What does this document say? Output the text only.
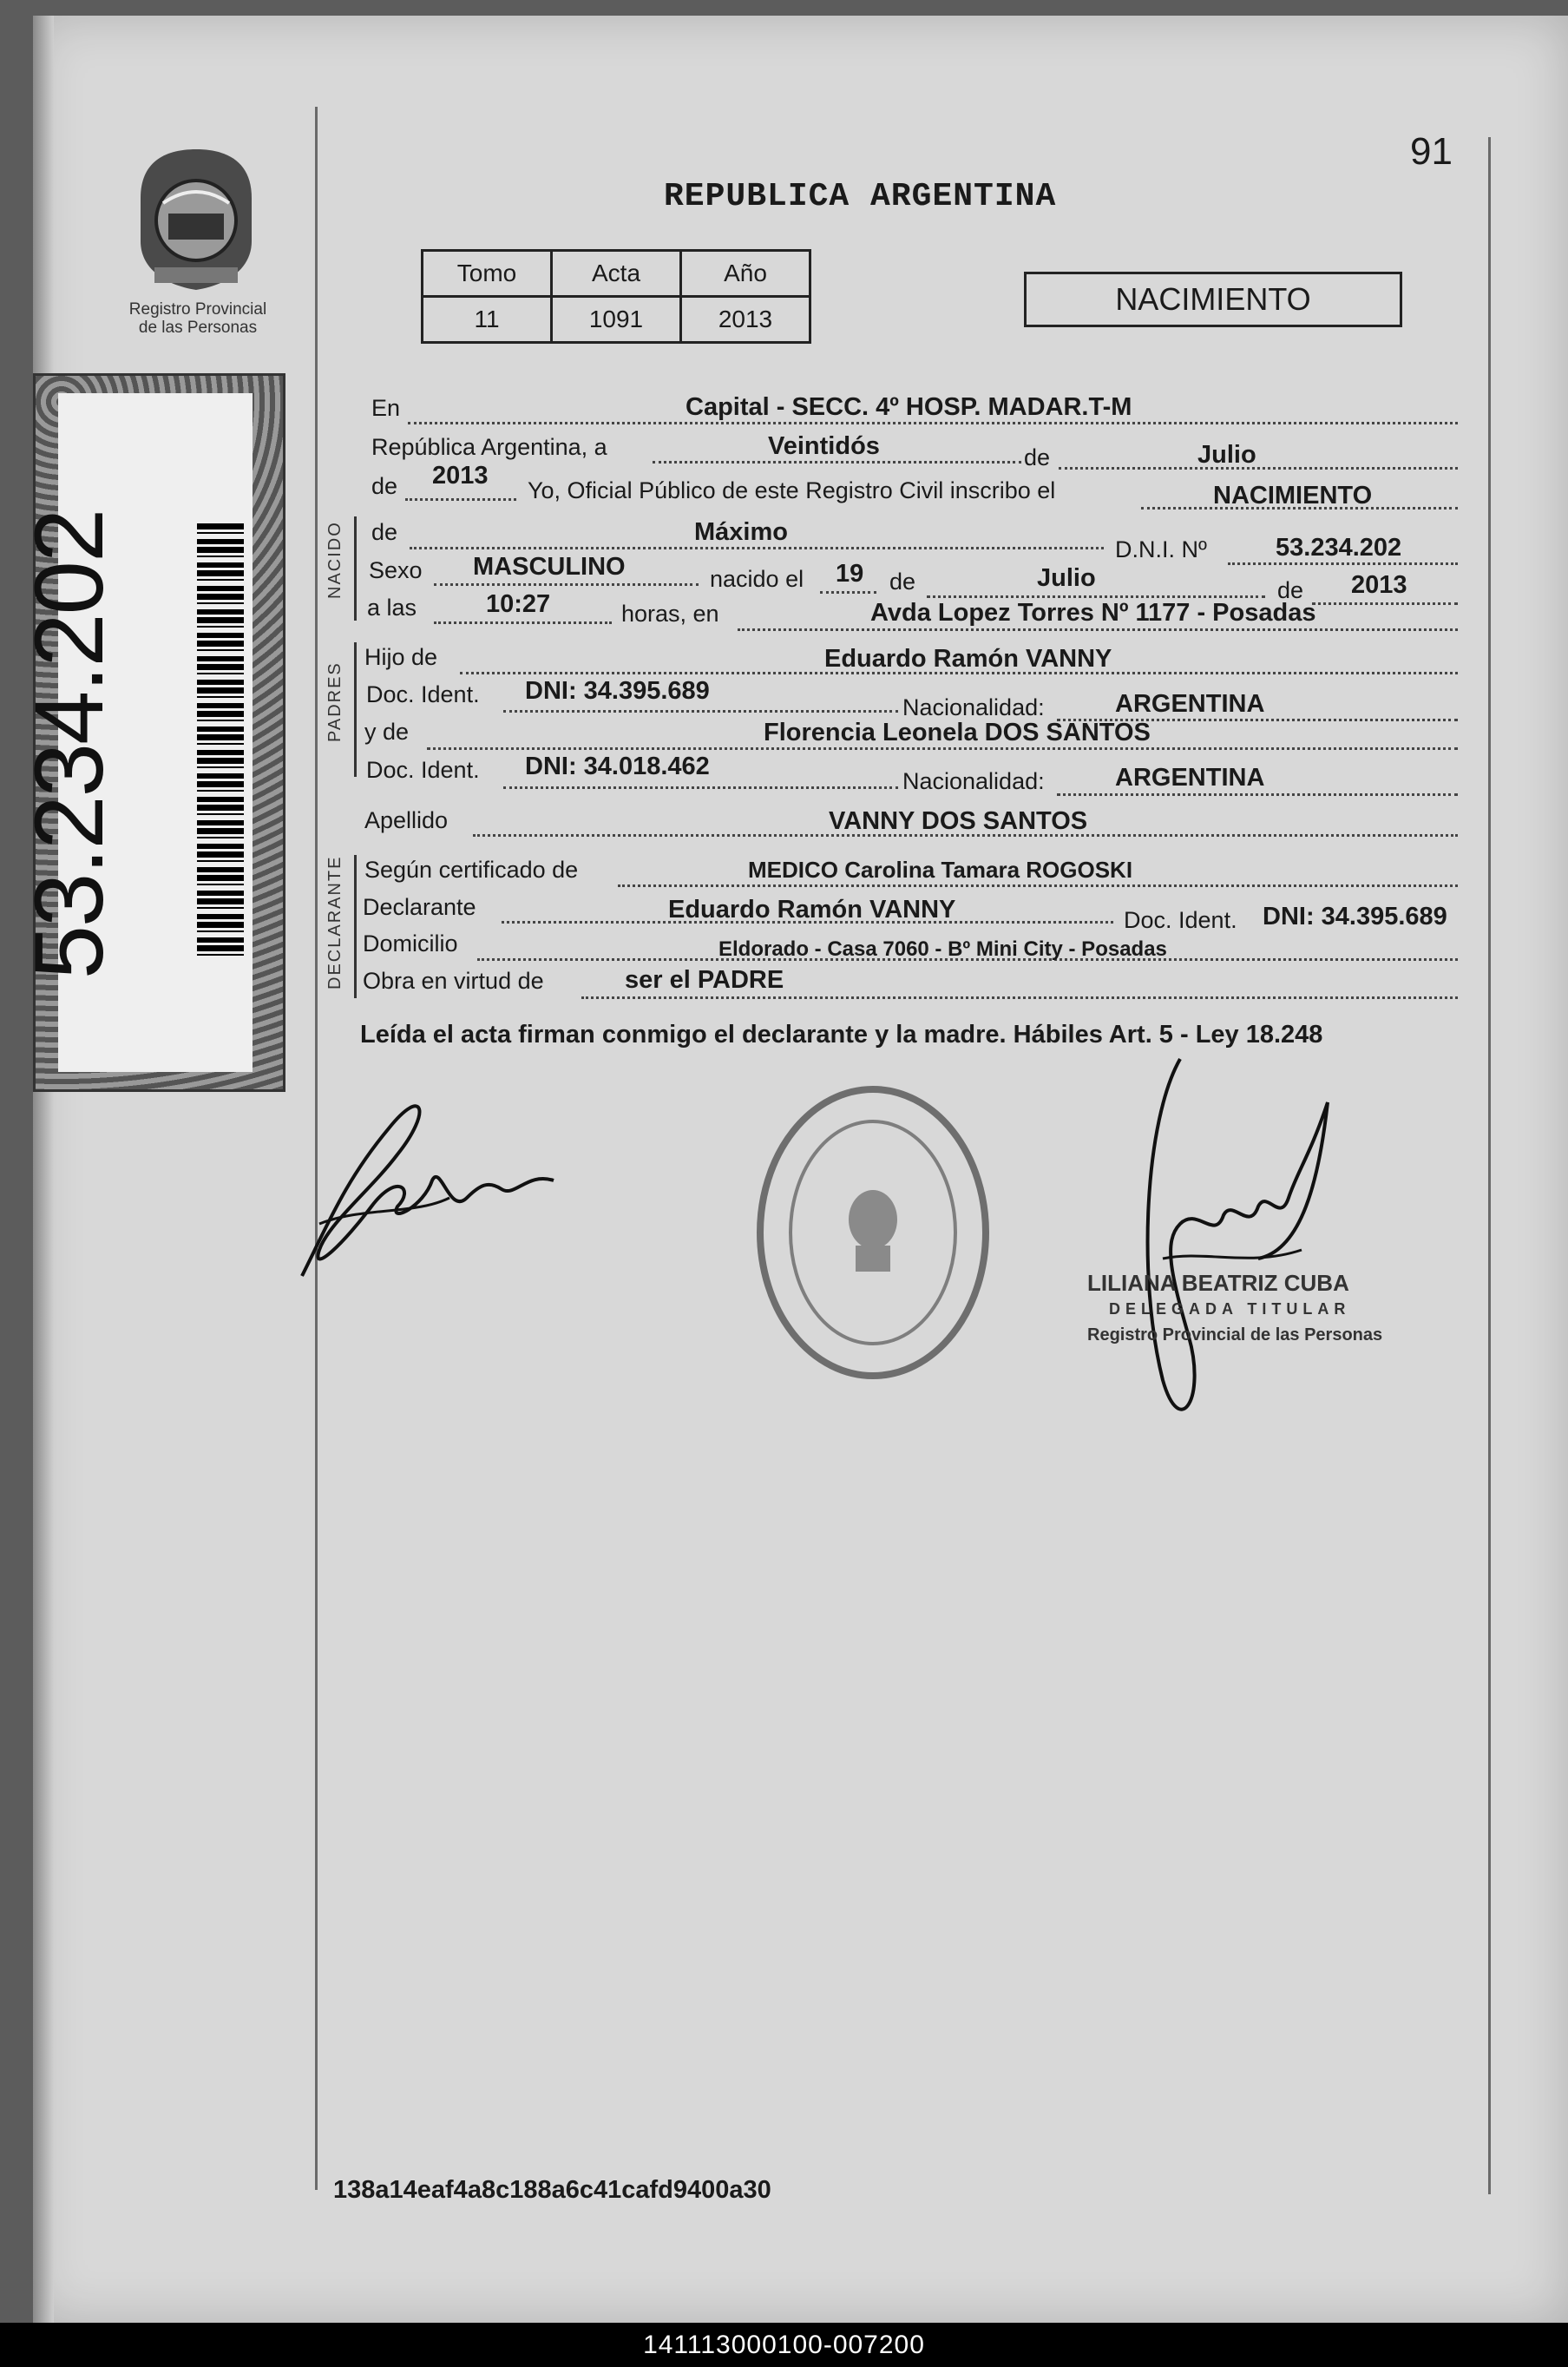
Registro Provincial
de las Personas
53.234.202
91
REPUBLICA ARGENTINA
Tomo	Acta	Año
11	1091	2013
NACIMIENTO
NACIDO
PADRES
DECLARANTE
En	Capital - SECC. 4º HOSP. MADAR.T-M
República Argentina, a	Veintidós	de	Julio
de 2013
Yo, Oficial Público de este Registro Civil inscribo el	NACIMIENTO
de	Máximo
D.N.I. Nº	53.234.202
Sexo MASCULINO	nacido el 19 de	Julio	de 2013
a las	10:27	horas, en	Avda Lopez Torres Nº 1177 - Posadas
Hijo de	Eduardo Ramón VANNY
Doc. Ident. DNI: 34.395.689
Nacionalidad:	ARGENTINA
y de	Florencia Leonela DOS SANTOS
Doc. Ident. DNI: 34.018.462
Nacionalidad:	ARGENTINA
Apellido	VANNY DOS SANTOS
Según certificado de	MEDICO Carolina Tamara ROGOSKI
Declarante	Eduardo Ramón VANNY	Doc. Ident. DNI: 34.395.689
Domicilio	Eldorado - Casa 7060 - Bº Mini City - Posadas
Obra en virtud de	ser el PADRE
Leída el acta firman conmigo el declarante y la madre. Hábiles Art. 5 - Ley 18.248
LILIANA BEATRIZ CUBA
DELEGADA TITULAR
Registro Provincial de las Personas
138a14eaf4a8c188a6c41cafd9400a30
141113000100-007200
